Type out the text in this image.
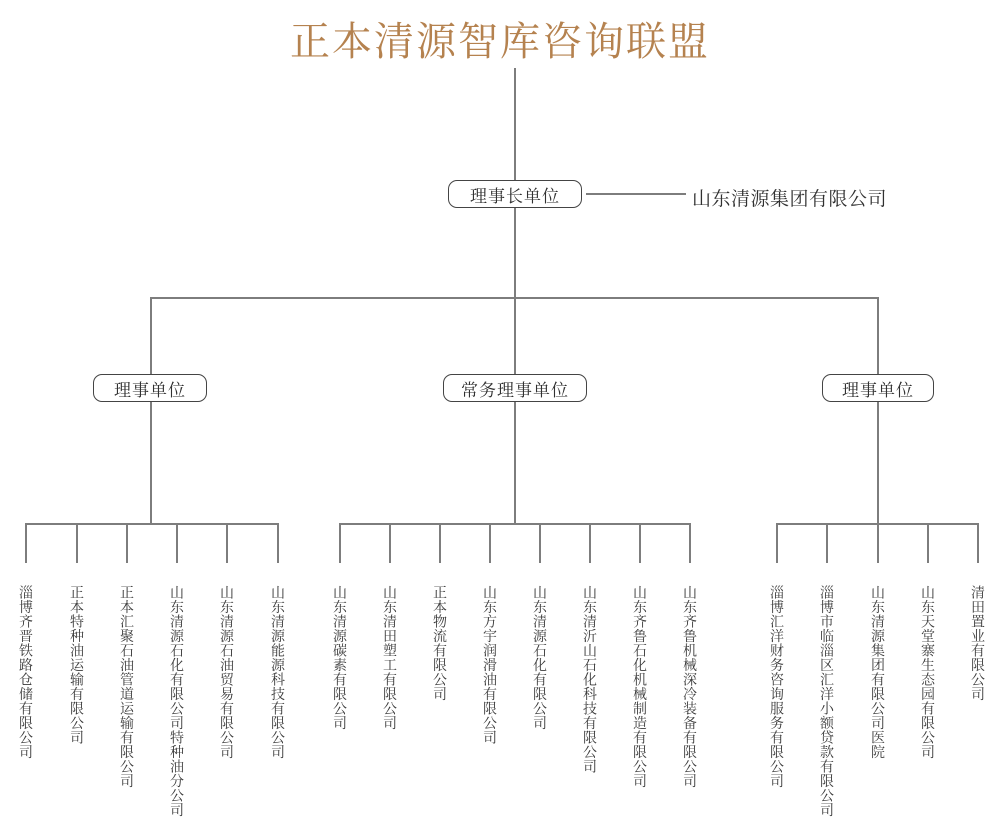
正本清源智库咨询联盟
理事长单位	山东清源集团有限公司
理事单位	常务理事单位	理事单位
淄博齐晋铁路仓储有限公司	正本特种油运输有限公司 正本汇聚石油管道运输有限公司 山东清源石化有限公司特种油分公司 山东清源石油贸易有限公司	山东清源能源科技有限公司	山东清源碳素有限公司 山东清田塑工有限公司 正本物流有限公司 山东方宇润滑油有限公司 山东清源石化有限公司 山东清沂山石化科技有限公司 山东齐鲁石化机械制造有限公司 山东齐鲁机械深冷装备有限公司	淄博汇洋财务咨询服务有限公司 淄博市临淄区汇洋小额贷款有限公司	山东清源集团有限公司医院 山东天堂寨生态园有限公司 清田置业有限公司
